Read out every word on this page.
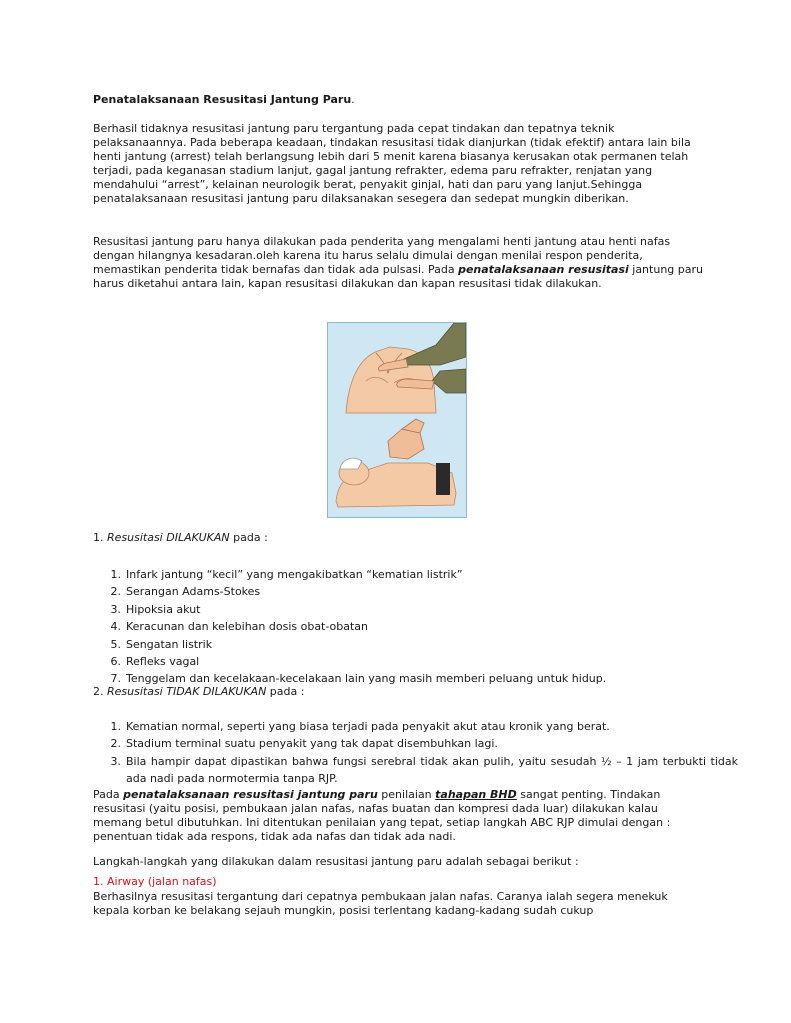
Penatalaksanaan Resusitasi Jantung Paru.
Berhasil tidaknya resusitasi jantung paru tergantung pada cepat tindakan dan tepatnya teknik pelaksanaannya. Pada beberapa keadaan, tindakan resusitasi tidak dianjurkan (tidak efektif) antara lain bila henti jantung (arrest) telah berlangsung lebih dari 5 menit karena biasanya kerusakan otak permanen telah terjadi, pada keganasan stadium lanjut, gagal jantung refrakter, edema paru refrakter, renjatan yang mendahului “arrest”, kelainan neurologik berat, penyakit ginjal, hati dan paru yang lanjut.Sehingga penatalaksanaan resusitasi jantung paru dilaksanakan sesegera dan sedepat mungkin diberikan.
Resusitasi jantung paru hanya dilakukan pada penderita yang mengalami henti jantung atau henti nafas dengan hilangnya kesadaran.oleh karena itu harus selalu dimulai dengan menilai respon penderita, memastikan penderita tidak bernafas dan tidak ada pulsasi. Pada penatalaksanaan resusitasi jantung paru harus diketahui antara lain, kapan resusitasi dilakukan dan kapan resusitasi tidak dilakukan.
1. Resusitasi DILAKUKAN pada :
1. Infark jantung “kecil” yang mengakibatkan “kematian listrik”
2. Serangan Adams-Stokes
3. Hipoksia akut
4. Keracunan dan kelebihan dosis obat-obatan
5. Sengatan listrik
6. Refleks vagal
7. Tenggelam dan kecelakaan-kecelakaan lain yang masih memberi peluang untuk hidup.
2. Resusitasi TIDAK DILAKUKAN pada :
1. Kematian normal, seperti yang biasa terjadi pada penyakit akut atau kronik yang berat.
2. Stadium terminal suatu penyakit yang tak dapat disembuhkan lagi.
3. Bila hampir dapat dipastikan bahwa fungsi serebral tidak akan pulih, yaitu sesudah ½ – 1 jam terbukti tidak ada nadi pada normotermia tanpa RJP.
Pada penatalaksanaan resusitasi jantung paru penilaian tahapan BHD sangat penting. Tindakan resusitasi (yaitu posisi, pembukaan jalan nafas, nafas buatan dan kompresi dada luar) dilakukan kalau memang betul dibutuhkan. Ini ditentukan penilaian yang tepat, setiap langkah ABC RJP dimulai dengan : penentuan tidak ada respons, tidak ada nafas dan tidak ada nadi.
Langkah-langkah yang dilakukan dalam resusitasi jantung paru adalah sebagai berikut :
1. Airway (jalan nafas)
Berhasilnya resusitasi tergantung dari cepatnya pembukaan jalan nafas. Caranya ialah segera menekuk kepala korban ke belakang sejauh mungkin, posisi terlentang kadang-kadang sudah cukup
